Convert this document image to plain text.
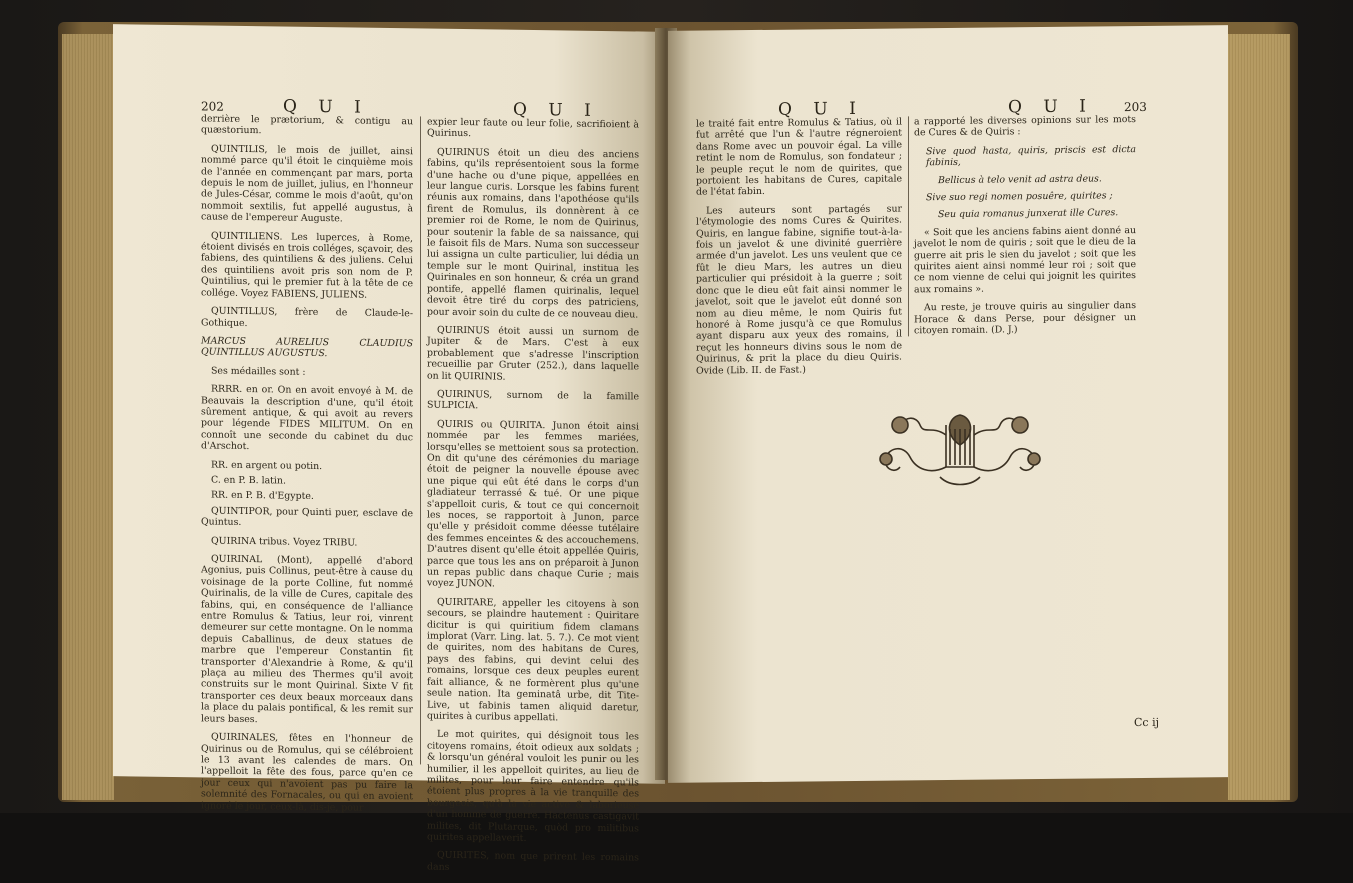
202	Q U I	Q U I

derrière le prætorium, & contigu au quæstorium.

QUINTILIS, le mois de juillet, ainsi nommé parce qu'il étoit le cinquième mois de l'année en commençant par mars, porta depuis le nom de juillet, julius, en l'honneur de Jules-César, comme le mois d'août, qu'on nommoit sextilis, fut appellé augustus, à cause de l'empereur Auguste.

QUINTILIENS. Les luperces, à Rome, étoient divisés en trois colléges, sçavoir, des fabiens, des quintiliens & des juliens. Celui des quintiliens avoit pris son nom de P. Quintilius, qui le premier fut à la tête de ce collége. Voyez FABIENS, JULIENS.

QUINTILLUS, frère de Claude-le-Gothique.

MARCUS AURELIUS CLAUDIUS QUINTILLUS AUGUSTUS.

Ses médailles sont :

RRRR. en or. On en avoit envoyé à M. de Beauvais la description d'une, qu'il étoit sûrement antique, & qui avoit au revers pour légende FIDES MILITUM. On en connoît une seconde du cabinet du duc d'Arschot.

RR. en argent ou potin.

C. en P. B. latin.

RR. en P. B. d'Egypte.

QUINTIPOR, pour Quinti puer, esclave de Quintus.

QUIRINA tribus. Voyez TRIBU.

QUIRINAL (Mont), appellé d'abord Agonius, puis Collinus, peut-être à cause du voisinage de la porte Colline, fut nommé Quirinalis, de la ville de Cures, capitale des fabins, qui, en conséquence de l'alliance entre Romulus & Tatius, leur roi, vinrent demeurer sur cette montagne. On le nomma depuis Caballinus, de deux statues de marbre que l'empereur Constantin fit transporter d'Alexandrie à Rome, & qu'il plaça au milieu des Thermes qu'il avoit construits sur le mont Quirinal. Sixte V fit transporter ces deux beaux morceaux dans la place du palais pontifical, & les remit sur leurs bases.

QUIRINALES, fêtes en l'honneur de Quirinus ou de Romulus, qui se célébroient le 13 avant les calendes de mars. On l'appelloit la fête des fous, parce qu'en ce jour ceux qui n'avoient pas pu faire la solemnité des Fornacales, ou qui en avoient ignoré le jour, ceux-là, dis-je, pour

expier leur faute ou leur folie, sacrifioient à Quirinus.

QUIRINUS étoit un dieu des anciens fabins, qu'ils représentoient sous la forme d'une hache ou d'une pique, appellées en leur langue curis. Lorsque les fabins furent réunis aux romains, dans l'apothéose qu'ils firent de Romulus, ils donnèrent à ce premier roi de Rome, le nom de Quirinus, pour soutenir la fable de sa naissance, qui le faisoit fils de Mars. Numa son successeur lui assigna un culte particulier, lui dédia un temple sur le mont Quirinal, institua les Quirinales en son honneur, & créa un grand pontife, appellé flamen quirinalis, lequel devoit être tiré du corps des patriciens, pour avoir soin du culte de ce nouveau dieu.

QUIRINUS étoit aussi un surnom de Jupiter & de Mars. C'est à eux probablement que s'adresse l'inscription recueillie par Gruter (252.), dans laquelle on lit QUIRINIS.

QUIRINUS, surnom de la famille SULPICIA.

QUIRIS ou QUIRITA. Junon étoit ainsi nommée par les femmes mariées, lorsqu'elles se mettoient sous sa protection. On dit qu'une des cérémonies du mariage étoit de peigner la nouvelle épouse avec une pique qui eût été dans le corps d'un gladiateur terrassé & tué. Or une pique s'appelloit curis, & tout ce qui concernoit les noces, se rapportoit à Junon, parce qu'elle y présidoit comme déesse tutélaire des femmes enceintes & des accouchemens. D'autres disent qu'elle étoit appellée Quiris, parce que tous les ans on préparoit à Junon un repas public dans chaque Curie ; mais voyez JUNON.

QUIRITARE, appeller les citoyens à son secours, se plaindre hautement : Quiritare dicitur is qui quiritium fidem clamans implorat (Varr. Ling. lat. 5. 7.). Ce mot vient de quirites, nom des habitans de Cures, pays des fabins, qui devint celui des romains, lorsque ces deux peuples eurent fait alliance, & ne formèrent plus qu'une seule nation. Ita geminatâ urbe, dit Tite-Live, ut fabinis tamen aliquid daretur, quirites à curibus appellati.

Le mot quirites, qui désignoit tous les citoyens romains, étoit odieux aux soldats ; & lorsqu'un général vouloit les punir ou les humilier, il les appelloit quirites, au lieu de milites, pour leur faire entendre qu'ils étoient plus propres à la vie tranquille des bourgeois, qu'à la vie active & laborieuse d'un homme de guerre. Hactenùs castigavit milites, dit Plutarque, quòd pro militibus quirites appellaverit.

QUIRITES, nom que prirent les romains dans

Q U I	Q U I	203

le traité fait entre Romulus & Tatius, où il fut arrêté que l'un & l'autre régneroient dans Rome avec un pouvoir égal. La ville retint le nom de Romulus, son fondateur ; le peuple reçut le nom de quirites, que portoient les habitans de Cures, capitale de l'état fabin.

Les auteurs sont partagés sur l'étymologie des noms Cures & Quirites. Quiris, en langue fabine, signifie tout-à-la-fois un javelot & une divinité guerrière armée d'un javelot. Les uns veulent que ce fût le dieu Mars, les autres un dieu particulier qui présidoit à la guerre ; soit donc que le dieu eût fait ainsi nommer le javelot, soit que le javelot eût donné son nom au dieu même, le nom Quiris fut honoré à Rome jusqu'à ce que Romulus ayant disparu aux yeux des romains, il reçut les honneurs divins sous le nom de Quirinus, & prit la place du dieu Quiris. Ovide (Lib. II. de Fast.)

a rapporté les diverses opinions sur les mots de Cures & de Quiris :

Sive quod hasta, quiris, priscis est dicta fabinis,

Bellicus à telo venit ad astra deus.

Sive suo regi nomen posuêre, quirites ;

Seu quia romanus junxerat ille Cures.

« Soit que les anciens fabins aient donné au javelot le nom de quiris ; soit que le dieu de la guerre ait pris le sien du javelot ; soit que les quirites aient ainsi nommé leur roi ; soit que ce nom vienne de celui qui joignit les quirites aux romains ».

Au reste, je trouve quiris au singulier dans Horace & dans Perse, pour désigner un citoyen romain. (D. J.)

Cc ij
